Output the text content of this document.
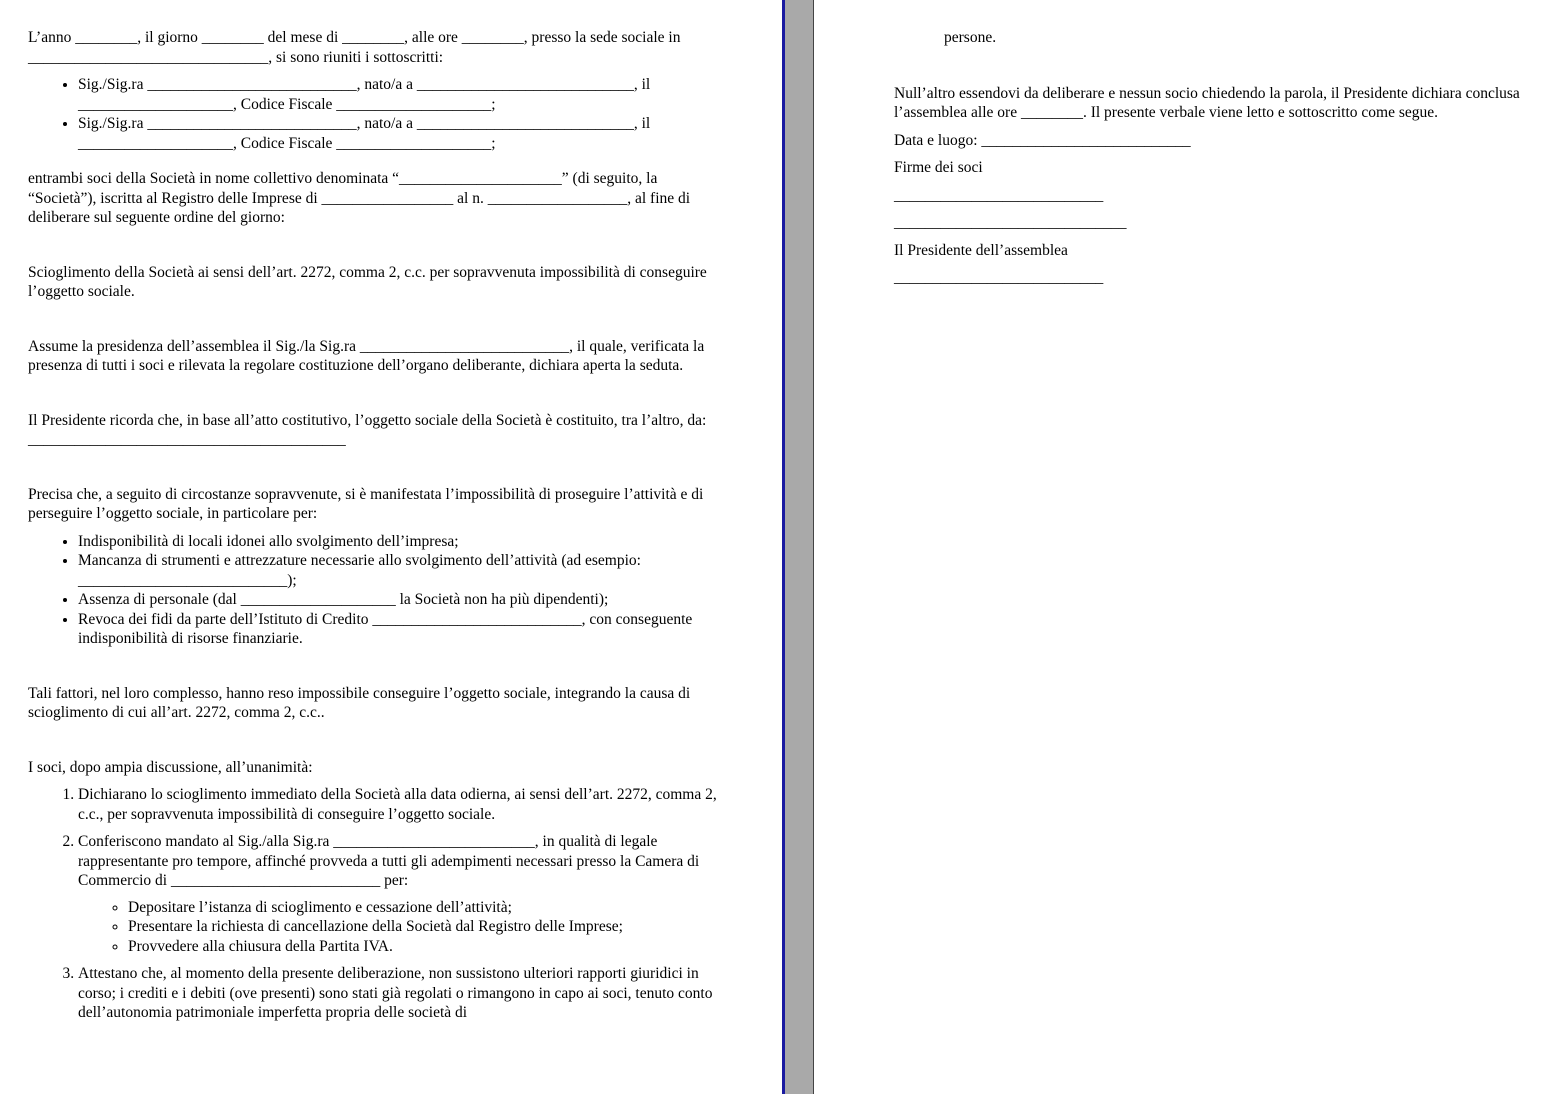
L’anno ________, il giorno ________ del mese di ________, alle ore ________, presso la sede sociale in _______________________________, si sono riuniti i sottoscritti:

• Sig./Sig.ra ___________________________, nato/a a ____________________________, il ____________________, Codice Fiscale ____________________;
• Sig./Sig.ra ___________________________, nato/a a ____________________________, il ____________________, Codice Fiscale ____________________;

entrambi soci della Società in nome collettivo denominata “_____________________” (di seguito, la “Società”), iscritta al Registro delle Imprese di _________________ al n. __________________, al fine di deliberare sul seguente ordine del giorno:

Scioglimento della Società ai sensi dell’art. 2272, comma 2, c.c. per sopravvenuta impossibilità di conseguire l’oggetto sociale.

Assume la presidenza dell’assemblea il Sig./la Sig.ra ___________________________, il quale, verificata la presenza di tutti i soci e rilevata la regolare costituzione dell’organo deliberante, dichiara aperta la seduta.

Il Presidente ricorda che, in base all’atto costitutivo, l’oggetto sociale della Società è costituito, tra l’altro, da: _________________________________________

Precisa che, a seguito di circostanze sopravvenute, si è manifestata l’impossibilità di proseguire l’attività e di perseguire l’oggetto sociale, in particolare per:

• Indisponibilità di locali idonei allo svolgimento dell’impresa;
• Mancanza di strumenti e attrezzature necessarie allo svolgimento dell’attività (ad esempio: ___________________________);
• Assenza di personale (dal ____________________ la Società non ha più dipendenti);
• Revoca dei fidi da parte dell’Istituto di Credito ___________________________, con conseguente indisponibilità di risorse finanziarie.

Tali fattori, nel loro complesso, hanno reso impossibile conseguire l’oggetto sociale, integrando la causa di scioglimento di cui all’art. 2272, comma 2, c.c..

I soci, dopo ampia discussione, all’unanimità:

1. Dichiarano lo scioglimento immediato della Società alla data odierna, ai sensi dell’art. 2272, comma 2, c.c., per sopravvenuta impossibilità di conseguire l’oggetto sociale.
2. Conferiscono mandato al Sig./alla Sig.ra __________________________, in qualità di legale rappresentante pro tempore, affinché provveda a tutti gli adempimenti necessari presso la Camera di Commercio di ___________________________ per:
◦ Depositare l’istanza di scioglimento e cessazione dell’attività;
◦ Presentare la richiesta di cancellazione della Società dal Registro delle Imprese;
◦ Provvedere alla chiusura della Partita IVA.
3. Attestano che, al momento della presente deliberazione, non sussistono ulteriori rapporti giuridici in corso; i crediti e i debiti (ove presenti) sono stati già regolati o rimangono in capo ai soci, tenuto conto dell’autonomia patrimoniale imperfetta propria delle società di

persone.

Null’altro essendovi da deliberare e nessun socio chiedendo la parola, il Presidente dichiara conclusa l’assemblea alle ore ________. Il presente verbale viene letto e sottoscritto come segue.

Data e luogo: ___________________________

Firme dei soci

___________________________

______________________________

Il Presidente dell’assemblea

___________________________
